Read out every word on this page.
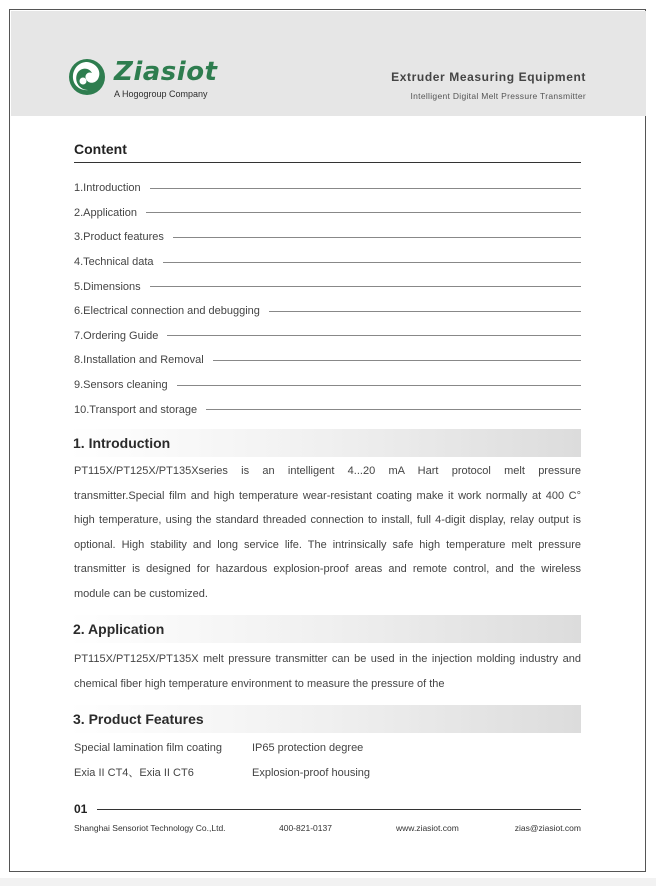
Ziasiot
A Hogogroup Company
Extruder Measuring Equipment
Intelligent Digital Melt Pressure Transmitter
Content
1.Introduction
2.Application
3.Product features
4.Technical data
5.Dimensions
6.Electrical connection and debugging
7.Ordering Guide
8.Installation and Removal
9.Sensors cleaning
10.Transport and storage
1. Introduction
PT115X/PT125X/PT135Xseries is an intelligent 4...20 mA Hart protocol melt pressure transmitter.Special film and high temperature wear-resistant coating make it work normally at 400 C° high temperature, using the standard threaded connection to install, full 4-digit display, relay output is optional. High stability and long service life. The intrinsically safe high temperature melt pressure transmitter is designed for hazardous explosion-proof areas and remote control, and the wireless module can be customized.
2. Application
PT115X/PT125X/PT135X melt pressure transmitter can be used in the injection molding industry and chemical fiber high temperature environment to measure the pressure of the
3. Product Features
Special lamination film coating	IP65 protection degree
Exia II CT4、Exia II CT6	Explosion-proof housing
01
Shanghai Sensoriot Technology Co.,Ltd.	400-821-0137	www.ziasiot.com	zias@ziasiot.com
